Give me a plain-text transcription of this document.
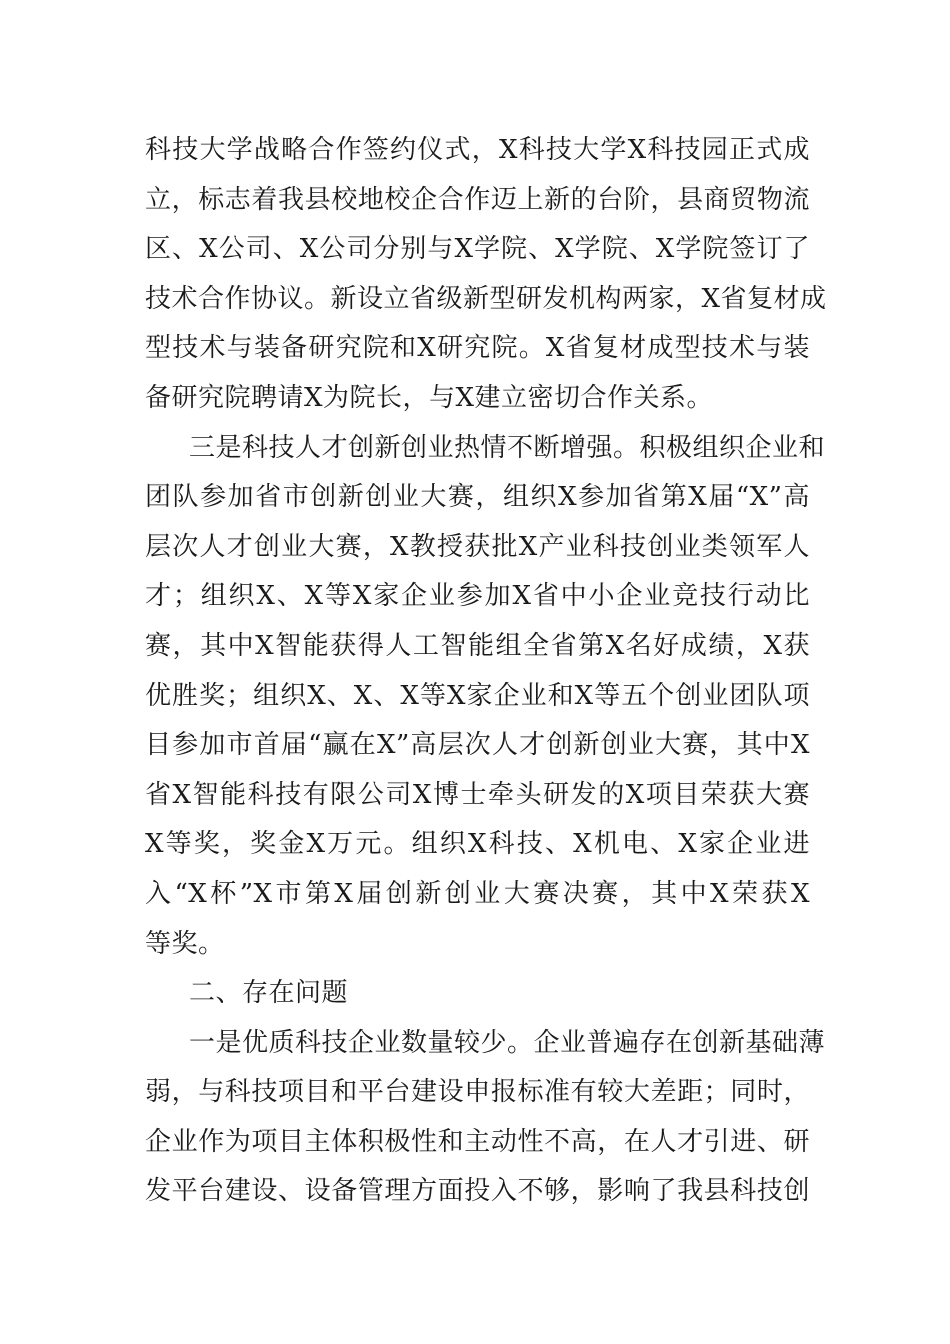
科技大学战略合作签约仪式，X科技大学X科技园正式成
立，标志着我县校地校企合作迈上新的台阶，县商贸物流
区、X公司、X公司分别与X学院、X学院、X学院签订了
技术合作协议。新设立省级新型研发机构两家，X省复材成
型技术与装备研究院和X研究院。X省复材成型技术与装
备研究院聘请X为院长，与X建立密切合作关系。
三是科技人才创新创业热情不断增强。积极组织企业和
团队参加省市创新创业大赛，组织X参加省第X届“X”高
层次人才创业大赛，X教授获批X产业科技创业类领军人
才；组织X、X等X家企业参加X省中小企业竞技行动比
赛，其中X智能获得人工智能组全省第X名好成绩，X获
优胜奖；组织X、X、X等X家企业和X等五个创业团队项
目参加市首届“赢在X”高层次人才创新创业大赛，其中X
省X智能科技有限公司X博士牵头研发的X项目荣获大赛
X等奖，奖金X万元。组织X科技、X机电、X家企业进
入“X杯”X市第X届创新创业大赛决赛，其中X荣获X
等奖。
二、存在问题
一是优质科技企业数量较少。企业普遍存在创新基础薄
弱，与科技项目和平台建设申报标准有较大差距；同时，
企业作为项目主体积极性和主动性不高，在人才引进、研
发平台建设、设备管理方面投入不够，影响了我县科技创
